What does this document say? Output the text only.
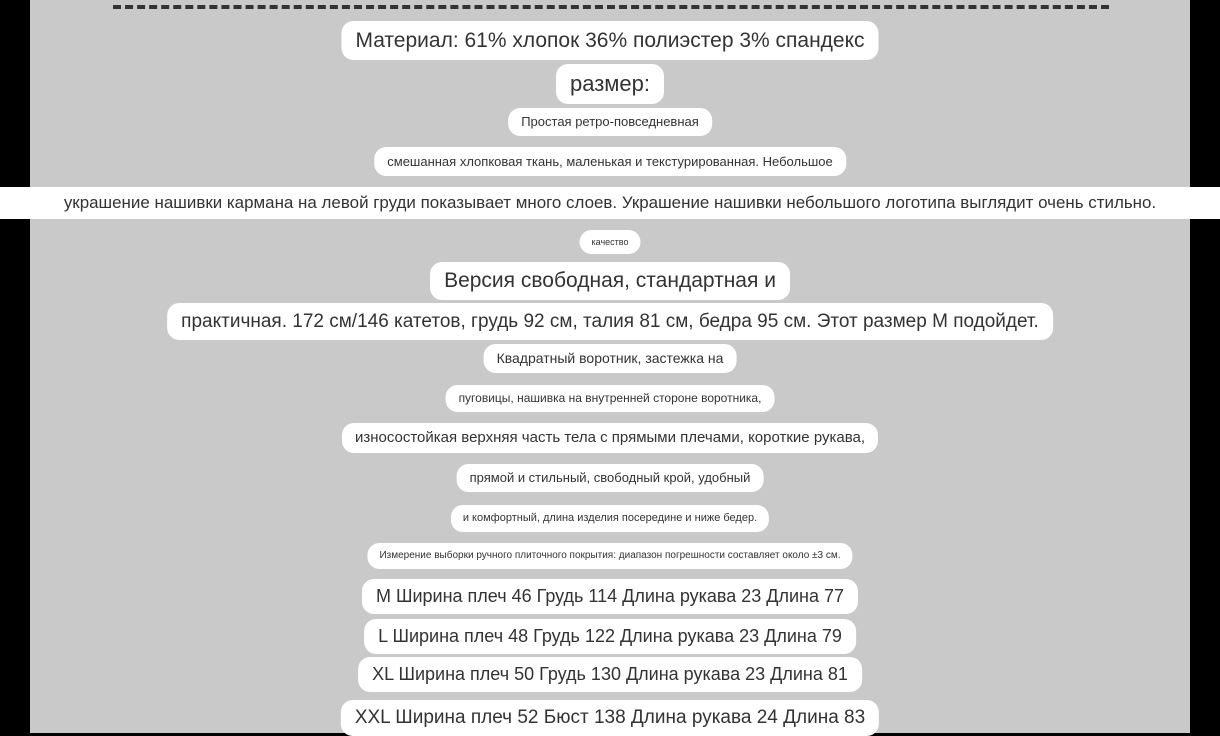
Материал: 61% хлопок 36% полиэстер 3% спандекс
размер:
Простая ретро-повседневная
смешанная хлопковая ткань, маленькая и текстурированная. Небольшое
украшение нашивки кармана на левой груди показывает много слоев. Украшение нашивки небольшого логотипа выглядит очень стильно.
качество
Версия свободная, стандартная и
практичная. 172 см/146 катетов, грудь 92 см, талия 81 см, бедра 95 см. Этот размер M подойдет.
Квадратный воротник, застежка на
пуговицы, нашивка на внутренней стороне воротника,
износостойкая верхняя часть тела с прямыми плечами, короткие рукава,
прямой и стильный, свободный крой, удобный
и комфортный, длина изделия посередине и ниже бедер.
Измерение выборки ручного плиточного покрытия: диапазон погрешности составляет около ±3 см.
M Ширина плеч 46 Грудь 114 Длина рукава 23 Длина 77
L Ширина плеч 48 Грудь 122 Длина рукава 23 Длина 79
XL Ширина плеч 50 Грудь 130 Длина рукава 23 Длина 81
XXL Ширина плеч 52 Бюст 138 Длина рукава 24 Длина 83
